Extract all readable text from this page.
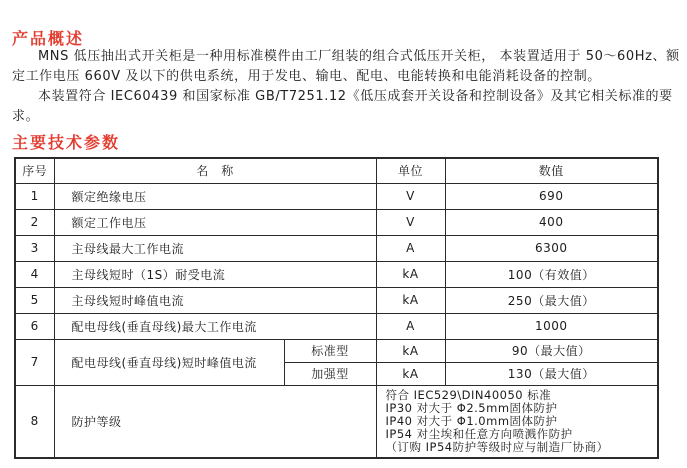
产品概述

MNS 低压抽出式开关柜是一种用标准模件由工厂组装的组合式低压开关柜， 本装置适用于 50～60Hz、额定工作电压 660V 及以下的供电系统，用于发电、输电、配电、电能转换和电能消耗设备的控制。

本装置符合 IEC60439 和国家标准 GB/T7251.12《低压成套开关设备和控制设备》及其它相关标准的要求。

主要技术参数
序号	名　称		单位	数值
1	额定绝缘电压		V	690
2	额定工作电压		V	400
3	主母线最大工作电流		A	6300
4	主母线短时（1S）耐受电流		kA	100（有效值）
5	主母线短时峰值电流		kA	250（最大值）
6	配电母线(垂直母线)最大工作电流		A	1000
7	配电母线(垂直母线)短时峰值电流	标准型	kA	90（最大值）
		加强型	kA	130（最大值）
8	防护等级		符合 IEC529\DIN40050 标准
IP30 对大于 Φ2.5mm固体防护
IP40 对大于 Φ1.0mm固体防护
IP54 对尘埃和任意方向喷溅作防护
（订购 IP54防护等级时应与制造厂协商）	
